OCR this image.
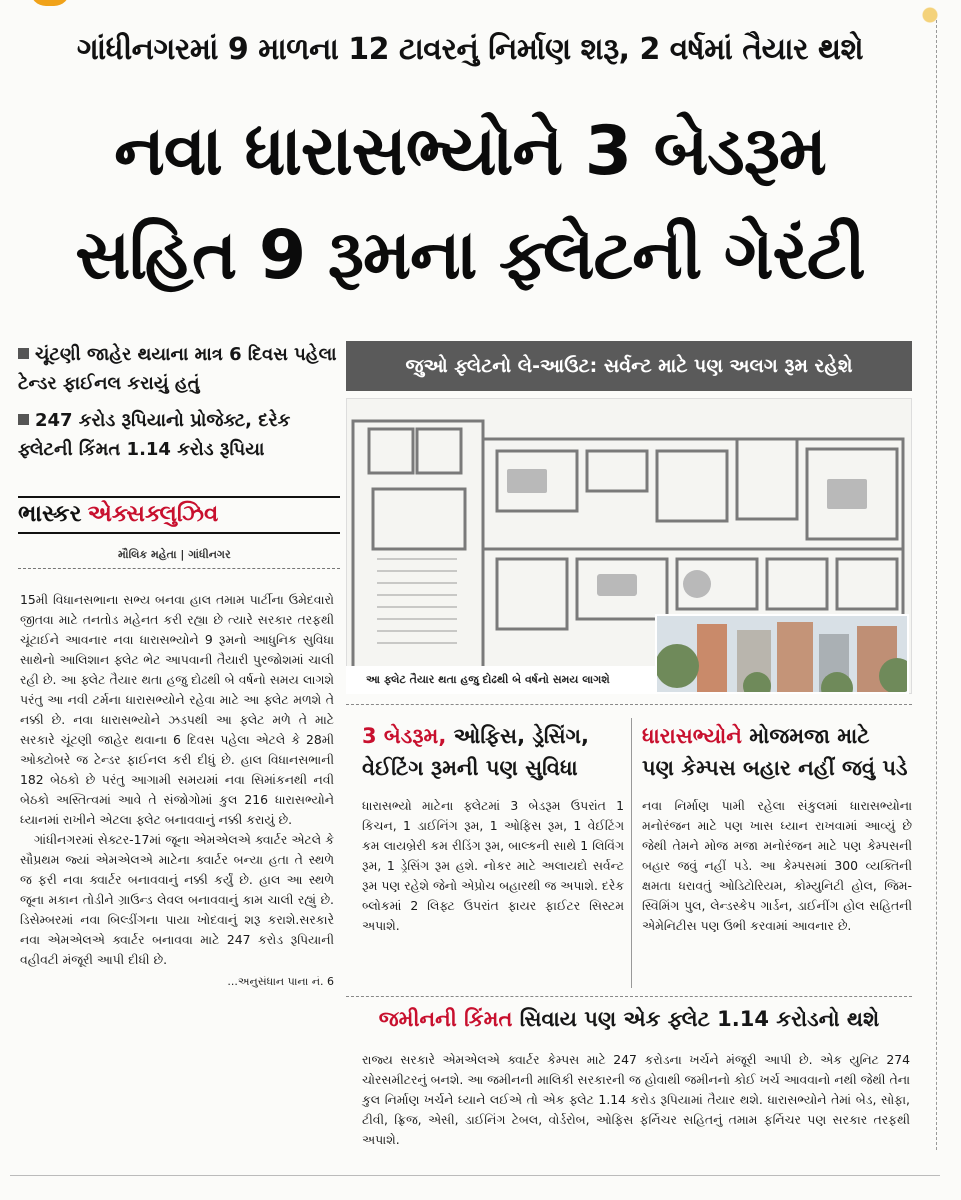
ગાંધીનગરમાં 9 માળના 12 ટાવરનું નિર્માણ શરૂ, 2 વર્ષમાં તૈયાર થશે
નવા ધારાસભ્યોને 3 બેડરૂમ
સહિત 9 રૂમના ફ્લેટની ગેરંટી
ચૂંટણી જાહેર થયાના માત્ર 6 દિવસ પહેલા ટેન્ડર ફાઈનલ કરાયું હતું
247 કરોડ રૂપિયાનો પ્રોજેક્ટ, દરેક ફ્લેટની કિંમત 1.14 કરોડ રૂપિયા
ભાસ્કર એક્સક્લુઝિવ
મૌલિક મહેતા | ગાંધીનગર

15મી વિધાનસભાના સભ્ય બનવા હાલ તમામ પાર્ટીના ઉમેદવારો જીતવા માટે તનતોડ મહેનત કરી રહ્યા છે ત્યારે સરકાર તરફથી ચૂંટાઈને આવનાર નવા ધારાસભ્યોને 9 રૂમનો આધુનિક સુવિધા સાથેનો આલિશાન ફ્લેટ ભેટ આપવાની તૈયારી પુરજોશમાં ચાલી રહી છે. આ ફ્લેટ તૈયાર થતા હજુ દોઢથી બે વર્ષનો સમય લાગશે પરંતુ આ નવી ટર્મના ધારાસભ્યોને રહેવા માટે આ ફ્લેટ મળશે તે નક્કી છે. નવા ધારાસભ્યોને ઝડપથી આ ફ્લેટ મળે તે માટે સરકારે ચૂંટણી જાહેર થવાના 6 દિવસ પહેલા એટલે કે 28મી ઓક્ટોબરે જ ટેન્ડર ફાઈનલ કરી દીધું છે. હાલ વિધાનસભાની 182 બેઠકો છે પરંતુ આગામી સમયમાં નવા સિમાંકનથી નવી બેઠકો અસ્તિત્વમાં આવે તે સંજોગોમાં કુલ 216 ધારાસભ્યોને ધ્યાનમાં રાખીને એટલા ફ્લેટ બનાવવાનું નક્કી કરાયું છે.

ગાંધીનગરમાં સેક્ટર-17માં જૂના એમએલએ ક્વાર્ટર એટલે કે સૌપ્રથમ જ્યાં એમએલએ માટેના ક્વાર્ટર બન્યા હતા તે સ્થળે જ ફરી નવા ક્વાર્ટર બનાવવાનું નક્કી કર્યું છે. હાલ આ સ્થળે જૂના મકાન તોડીને ગ્રાઉન્ડ લેવલ બનાવવાનું કામ ચાલી રહ્યું છે. ડિસેમ્બરમાં નવા બિલ્ડીંગના પાયા ખોદવાનું શરૂ કરાશે.સરકારે નવા એમએલએ ક્વાર્ટર બનાવવા માટે 247 કરોડ રૂપિયાની વહીવટી મંજૂરી આપી દીધી છે.

...અનુસંધાન પાના નં. 6
જુઓ ફ્લેટનો લે-આઉટ: સર્વન્ટ માટે પણ અલગ રૂમ રહેશે
આ ફ્લેટ તૈયાર થતા હજુ દોઢથી બે વર્ષનો સમય લાગશે
3 બેડરૂમ, ઓફિસ, ડ્રેસિંગ,
વેઈટિંગ રૂમની પણ સુવિધા
ધારાસભ્યો માટેના ફ્લેટમાં 3 બેડરૂમ ઉપરાંત 1 કિચન, 1 ડાઈનિંગ રૂમ, 1 ઓફિસ રૂમ, 1 વેઈટિંગ કમ લાયબ્રેરી કમ રીડિંગ રૂમ, બાલ્કની સાથે 1 લિવિંગ રૂમ, 1 ડ્રેસિંગ રૂમ હશે. નોકર માટે અલાયદો સર્વન્ટ રૂમ પણ રહેશે જેનો એપ્રોચ બહારથી જ અપાશે. દરેક બ્લોકમાં 2 લિફ્ટ ઉપરાંત ફાયર ફાઈટર સિસ્ટમ અપાશે.
ધારાસભ્યોને મોજમજા માટે
પણ કેમ્પસ બહાર નહીં જવું પડે
નવા નિર્માણ પામી રહેલા સંકુલમાં ધારાસભ્યોના મનોરંજન માટે પણ ખાસ ધ્યાન રાખવામાં આવ્યું છે જેથી તેમને મોજ મજા મનોરંજન માટે પણ કેમ્પસની બહાર જવું નહીં પડે. આ કેમ્પસમાં 300 વ્યક્તિની ક્ષમતા ધરાવતું ઓડિટોરિયમ, કોમ્યુનિટી હોલ, જિમ- સ્વિમિંગ પુલ, લેન્ડસ્કેપ ગાર્ડન, ડાઈનીંગ હોલ સહિતની એમેનિટીસ પણ ઉભી કરવામાં આવનાર છે.
જમીનની કિંમત સિવાય પણ એક ફ્લેટ 1.14 કરોડનો થશે
રાજ્ય સરકારે એમએલએ ક્વાર્ટર કેમ્પસ માટે 247 કરોડના ખર્ચને મંજૂરી આપી છે. એક યુનિટ 274 ચોરસમીટરનું બનશે. આ જમીનની માલિકી સરકારની જ હોવાથી જમીનનો કોઈ ખર્ચ આવવાનો નથી જેથી તેના કુલ નિર્માણ ખર્ચને ધ્યાને લઈએ તો એક ફ્લેટ 1.14 કરોડ રૂપિયામાં તૈયાર થશે. ધારાસભ્યોને તેમાં બેડ, સોફા, ટીવી, ફ્રિજ, એસી, ડાઈનિંગ ટેબલ, વોર્ડરોબ, ઓફિસ ફર્નિચર સહિતનું તમામ ફર્નિચર પણ સરકાર તરફથી અપાશે.
